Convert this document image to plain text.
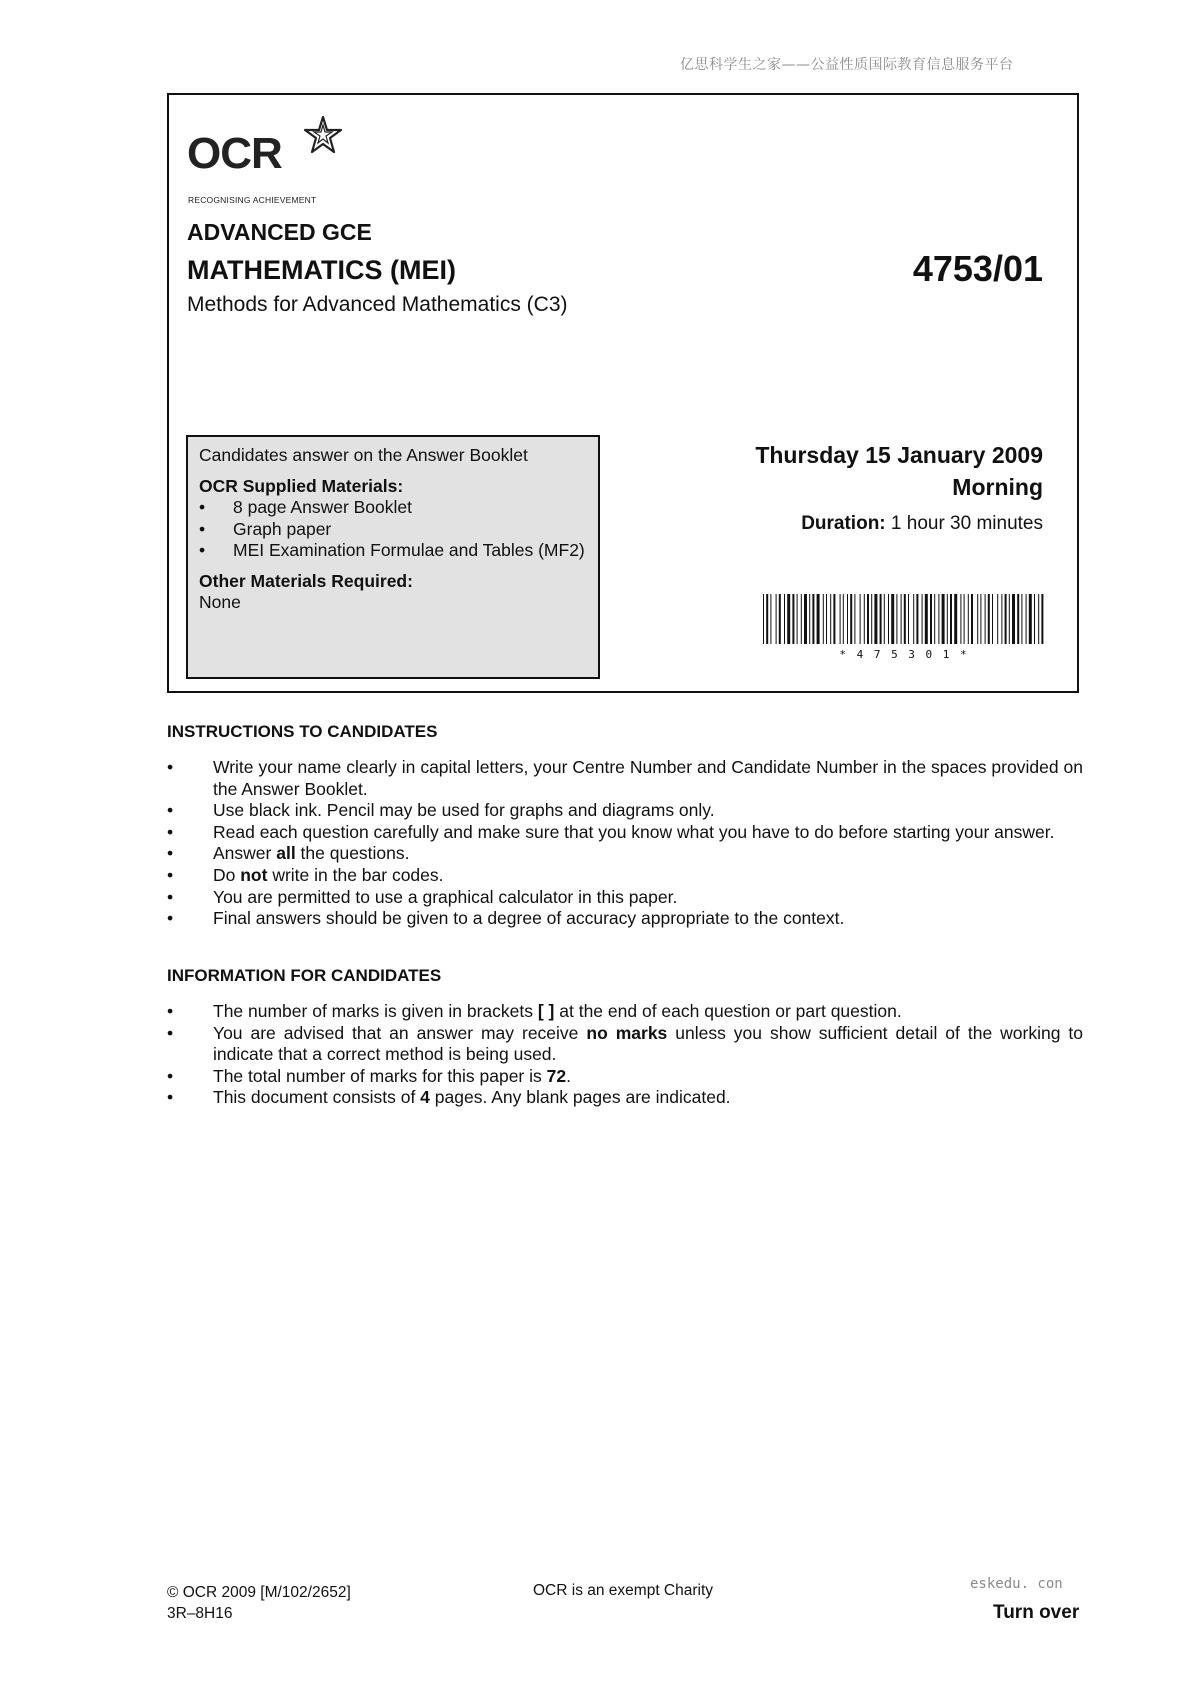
亿思科学生之家——公益性质国际教育信息服务平台
OCR
RECOGNISING ACHIEVEMENT
ADVANCED GCE
MATHEMATICS (MEI)
Methods for Advanced Mathematics (C3)
4753/01
Candidates answer on the Answer Booklet
OCR Supplied Materials:
• 8 page Answer Booklet
• Graph paper
• MEI Examination Formulae and Tables (MF2)
Other Materials Required:
None
Thursday 15 January 2009
Morning
Duration: 1 hour 30 minutes
* 4 7 5 3 0 1 *
INSTRUCTIONS TO CANDIDATES
• Write your name clearly in capital letters, your Centre Number and Candidate Number in the spaces provided on the Answer Booklet.
• Use black ink. Pencil may be used for graphs and diagrams only.
• Read each question carefully and make sure that you know what you have to do before starting your answer.
• Answer all the questions.
• Do not write in the bar codes.
• You are permitted to use a graphical calculator in this paper.
• Final answers should be given to a degree of accuracy appropriate to the context.
INFORMATION FOR CANDIDATES
• The number of marks is given in brackets [ ] at the end of each question or part question.
• You are advised that an answer may receive no marks unless you show sufficient detail of the working to indicate that a correct method is being used.
• The total number of marks for this paper is 72.
• This document consists of 4 pages. Any blank pages are indicated.
© OCR 2009 [M/102/2652]
3R–8H16
OCR is an exempt Charity	eskedu. con
Turn over
